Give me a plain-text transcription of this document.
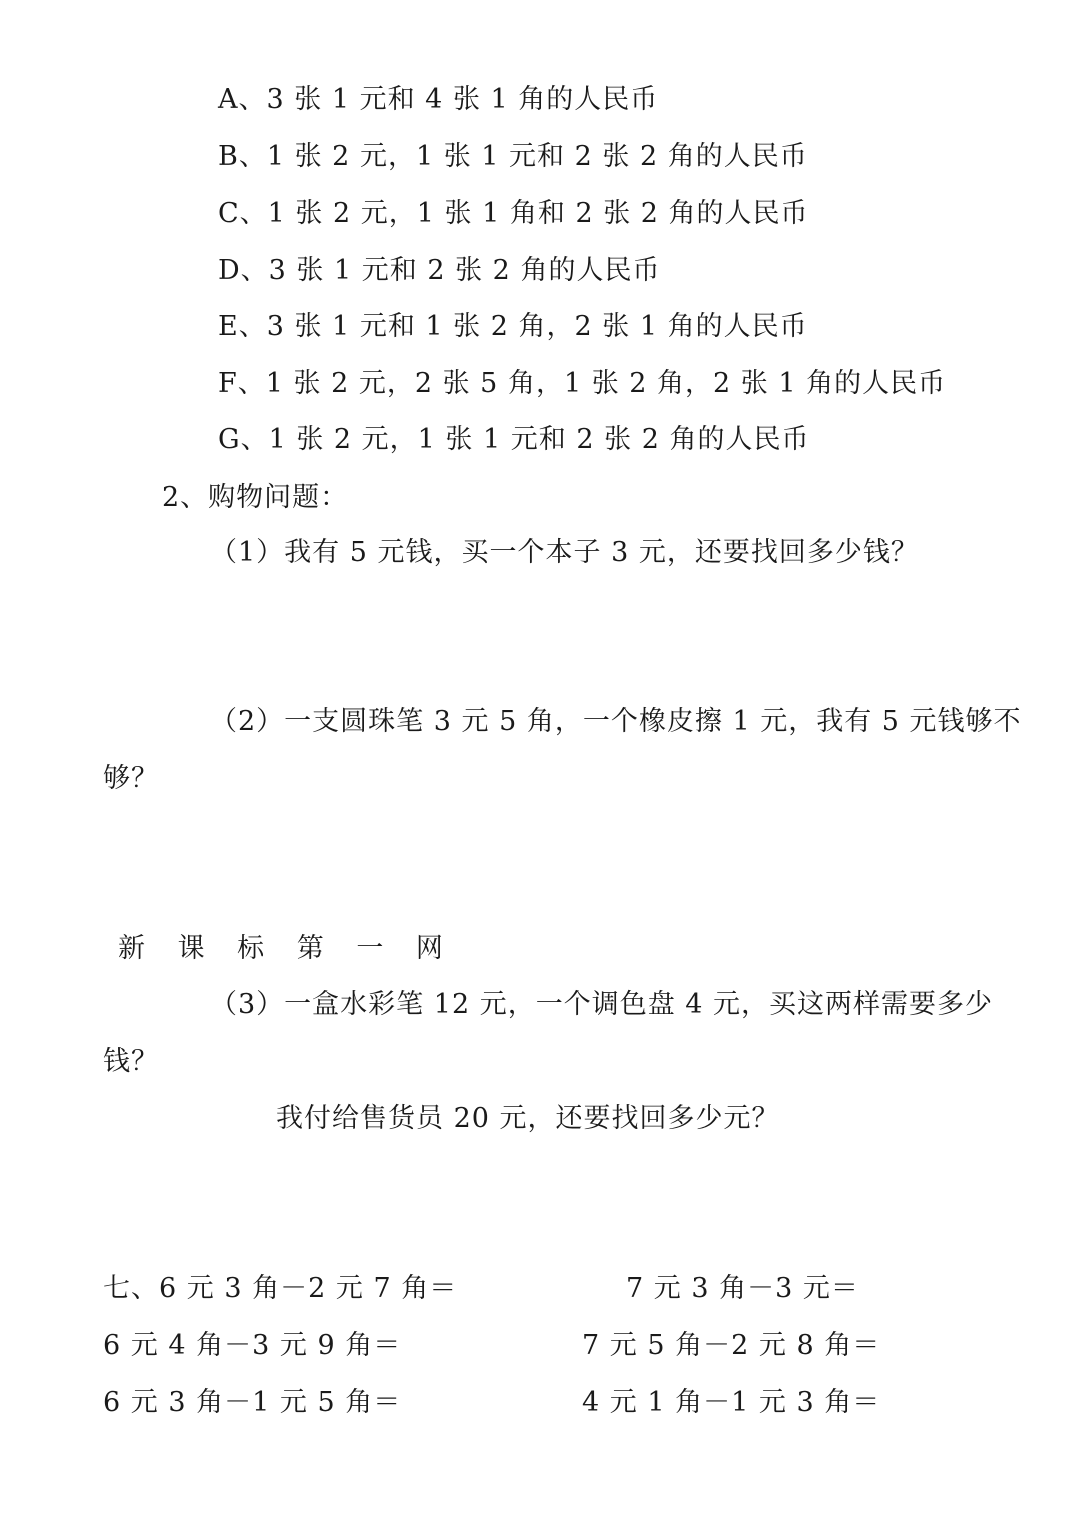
A、3 张 1 元和 4 张 1 角的人民币
B、1 张 2 元，1 张 1 元和 2 张 2 角的人民币
C、1 张 2 元，1 张 1 角和 2 张 2 角的人民币
D、3 张 1 元和 2 张 2 角的人民币
E、3 张 1 元和 1 张 2 角，2 张 1 角的人民币
F、1 张 2 元，2 张 5 角，1 张 2 角，2 张 1 角的人民币
G、1 张 2 元，1 张 1 元和 2 张 2 角的人民币
2、购物问题：
（1）我有 5 元钱，买一个本子 3 元，还要找回多少钱？
（2）一支圆珠笔 3 元 5 角，一个橡皮擦 1 元，我有 5 元钱够不
够？
新 课 标 第 一 网
（3）一盒水彩笔 12 元，一个调色盘 4 元，买这两样需要多少
钱？
我付给售货员 20 元，还要找回多少元？
七、6 元 3 角－2 元 7 角＝
6 元 4 角－3 元 9 角＝
6 元 3 角－1 元 5 角＝
7 元 3 角－3 元＝
7 元 5 角－2 元 8 角＝
4 元 1 角－1 元 3 角＝
